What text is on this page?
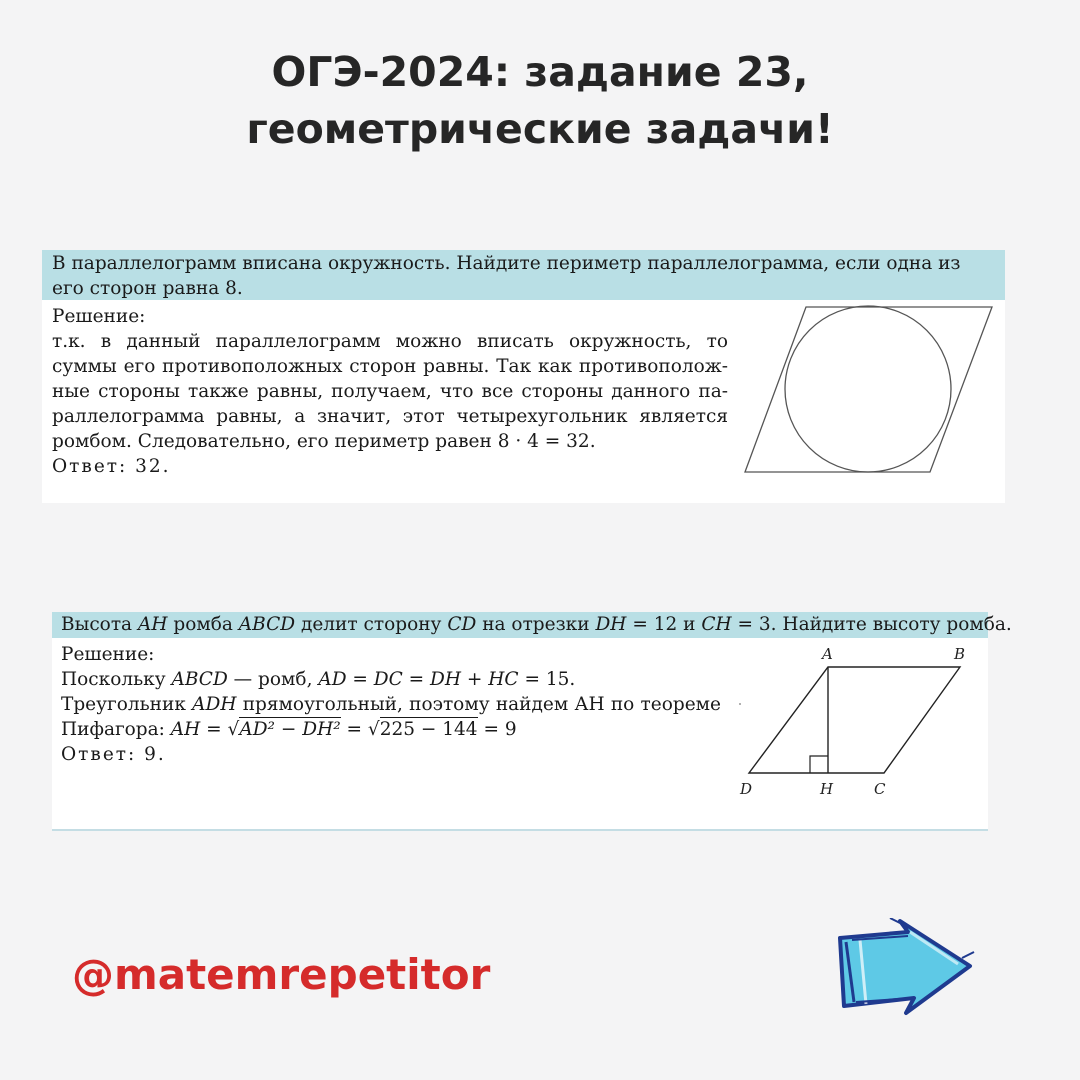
ОГЭ-2024: задание 23,
геометрические задачи!
В параллелограмм вписана окружность. Найдите периметр параллелограмма, если одна из его сторон равна 8.
Решение:
т.к. в данный параллелограмм можно вписать окружность, то
суммы его противоположных сторон равны. Так как противополож-
ные стороны также равны, получаем, что все стороны данного па-
раллелограмма равны, а значит, этот четырехугольник является
ромбом. Следовательно, его периметр равен 8 · 4 = 32.
Ответ: 32.
Высота AH ромба ABCD делит сторону CD на отрезки DH = 12 и CH = 3. Найдите высоту ромба.
Решение:
Поскольку ABCD — ромб, AD = DC = DH + HC = 15.
Треугольник ADH прямоугольный, поэтому найдем АН по теореме
Пифагора: AH = √AD² − DH² = √225 − 144 = 9
Ответ: 9.
A	B
D	H	C
@matemrepetitor
